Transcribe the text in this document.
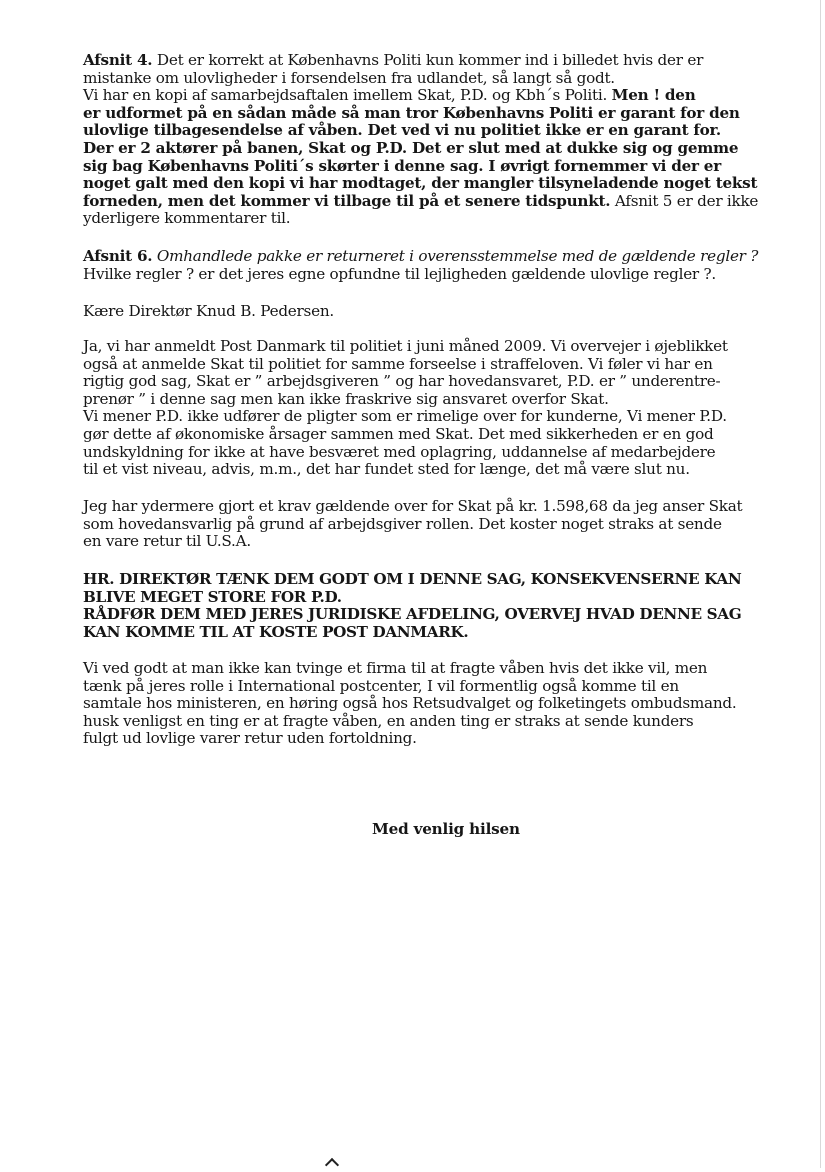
Afsnit 4. Det er korrekt at Københavns Politi kun kommer ind i billedet hvis der er
mistanke om ulovligheder i forsendelsen fra udlandet, så langt så godt.
Vi har en kopi af samarbejdsaftalen imellem Skat, P.D. og Kbh´s Politi. Men ! den
er udformet på en sådan måde så man tror Københavns Politi er garant for den
ulovlige tilbagesendelse af våben. Det ved vi nu politiet ikke er en garant for.
Der er 2 aktører på banen, Skat og P.D. Det er slut med at dukke sig og gemme
sig bag Københavns Politi´s skørter i denne sag. I øvrigt fornemmer vi der er
noget galt med den kopi vi har modtaget, der mangler tilsyneladende noget tekst
forneden, men det kommer vi tilbage til på et senere tidspunkt. Afsnit 5 er der ikke
yderligere kommentarer til.
Afsnit 6. Omhandlede pakke er returneret i overensstemmelse med de gældende regler ?
Hvilke regler ? er det jeres egne opfundne til lejligheden gældende ulovlige regler ?.
Kære Direktør Knud B. Pedersen.
Ja, vi har anmeldt Post Danmark til politiet i juni måned 2009. Vi overvejer i øjeblikket
også at anmelde Skat til politiet for samme forseelse i straffeloven. Vi føler vi har en
rigtig god sag, Skat er ” arbejdsgiveren ” og har hovedansvaret, P.D. er ” underentre-
prenør ” i denne sag men kan ikke fraskrive sig ansvaret overfor Skat.
Vi mener P.D. ikke udfører de pligter som er rimelige over for kunderne, Vi mener P.D.
gør dette af økonomiske årsager sammen med Skat. Det med sikkerheden er en god
undskyldning for ikke at have besværet med oplagring, uddannelse af medarbejdere
til et vist niveau, advis, m.m., det har fundet sted for længe, det må være slut nu.
Jeg har ydermere gjort et krav gældende over for Skat på kr. 1.598,68 da jeg anser Skat
som hovedansvarlig på grund af arbejdsgiver rollen. Det koster noget straks at sende
en vare retur til U.S.A.
HR. DIREKTØR TÆNK DEM GODT OM I DENNE SAG, KONSEKVENSERNE KAN
BLIVE MEGET STORE FOR P.D.
RÅDFØR DEM MED JERES JURIDISKE AFDELING, OVERVEJ HVAD DENNE SAG
KAN KOMME TIL AT KOSTE POST DANMARK.
Vi ved godt at man ikke kan tvinge et firma til at fragte våben hvis det ikke vil, men
tænk på jeres rolle i International postcenter, I vil formentlig også komme til en
samtale hos ministeren, en høring også hos Retsudvalget og folketingets ombudsmand.
husk venligst en ting er at fragte våben, en anden ting er straks at sende kunders
fulgt ud lovlige varer retur uden fortoldning.
Med venlig hilsen
